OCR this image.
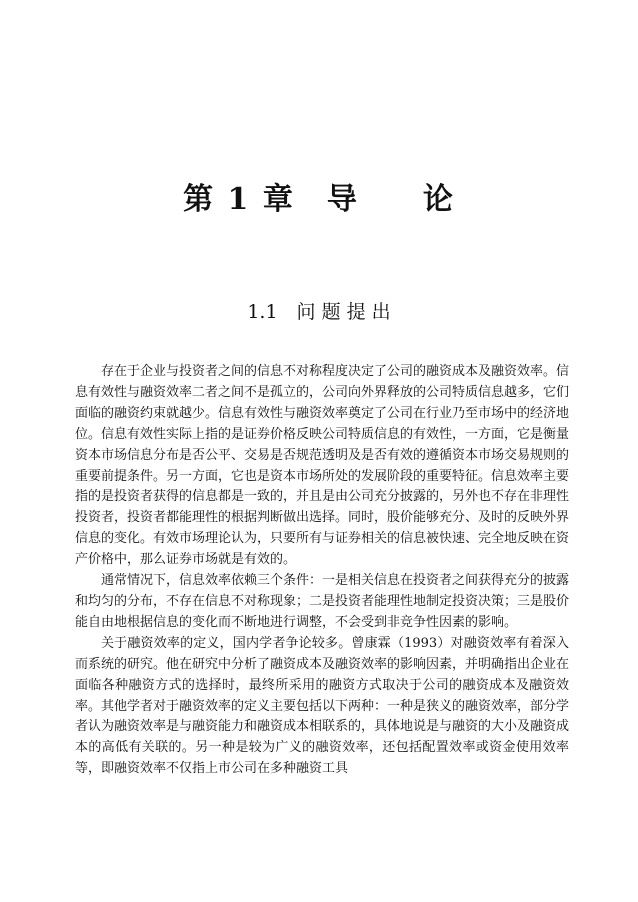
第 1 章　导　　论
1.1　问 题 提 出

存在于企业与投资者之间的信息不对称程度决定了公司的融资成本及融资效率。信息有效性与融资效率二者之间不是孤立的，公司向外界释放的公司特质信息越多，它们面临的融资约束就越少。信息有效性与融资效率奠定了公司在行业乃至市场中的经济地位。信息有效性实际上指的是证券价格反映公司特质信息的有效性，一方面，它是衡量资本市场信息分布是否公平、交易是否规范透明及是否有效的遵循资本市场交易规则的重要前提条件。另一方面，它也是资本市场所处的发展阶段的重要特征。信息效率主要指的是投资者获得的信息都是一致的，并且是由公司充分披露的，另外也不存在非理性投资者，投资者都能理性的根据判断做出选择。同时，股价能够充分、及时的反映外界信息的变化。有效市场理论认为，只要所有与证券相关的信息被快速、完全地反映在资产价格中，那么证券市场就是有效的。

通常情况下，信息效率依赖三个条件：一是相关信息在投资者之间获得充分的披露和均匀的分布，不存在信息不对称现象；二是投资者能理性地制定投资决策；三是股价能自由地根据信息的变化而不断地进行调整，不会受到非竞争性因素的影响。

关于融资效率的定义，国内学者争论较多。曾康霖（1993）对融资效率有着深入而系统的研究。他在研究中分析了融资成本及融资效率的影响因素，并明确指出企业在面临各种融资方式的选择时，最终所采用的融资方式取决于公司的融资成本及融资效率。其他学者对于融资效率的定义主要包括以下两种：一种是狭义的融资效率，部分学者认为融资效率是与融资能力和融资成本相联系的，具体地说是与融资的大小及融资成本的高低有关联的。另一种是较为广义的融资效率，还包括配置效率或资金使用效率等，即融资效率不仅指上市公司在多种融资工具
